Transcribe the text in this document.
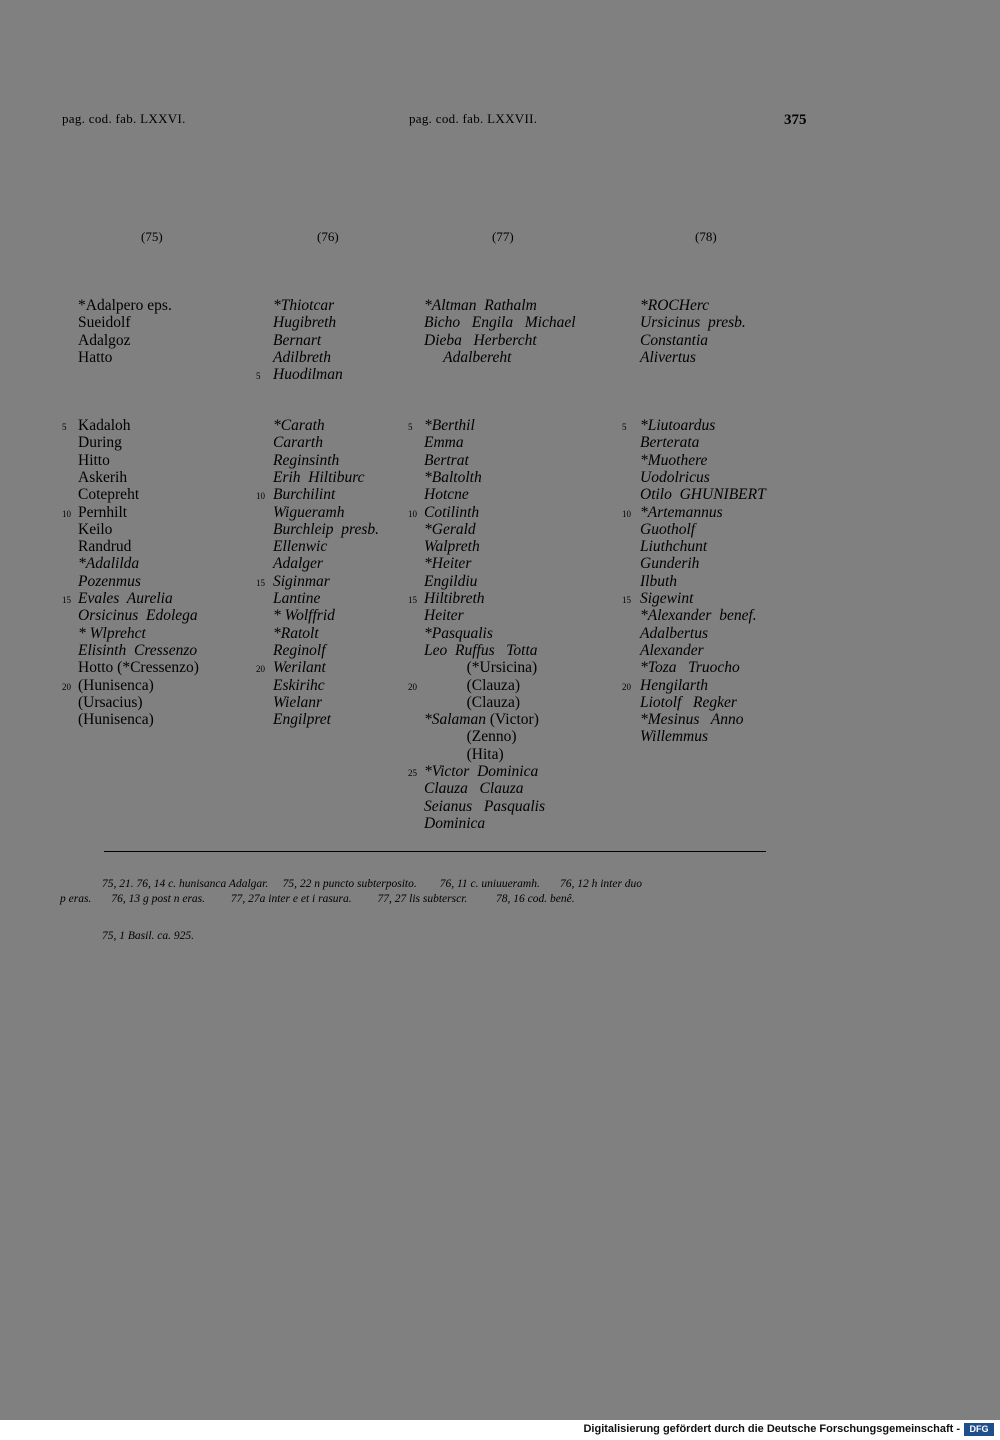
pag. cod. fab. LXXVI.	pag. cod. fab. LXXVII.	375
(75)	(76)	(77)	(78)
*Adalpero eps.
Sueidolf
Adalgoz
Hatto
Kadaloh
5
During
Hitto
Askerih
Cotepreht
Pernhilt
10
Keilo
Randrud
*Adalilda
Pozenmus
Evales  Aurelia
15
Orsicinus  Edolega
* Wlprehct
Elisinth  Cressenzo
Hotto (*Cressenzo)
(Hunisenca)
20
(Ursacius)
(Hunisenca)
*Thiotcar
Hugibreth
Bernart
Adilbreth
Huodilman
5
*Carath
Cararth
Reginsinth
Erih  Hiltiburc
Burchilint
10
Wigueramh
Burchleip  presb.
Ellenwic
Adalger
Siginmar
15
Lantine
* Wolffrid
*Ratolt
Reginolf
Werilant
20
Eskirihc
Wielanr
Engilpret
*Altman  Rathalm
Bicho   Engila   Michael
Dieba   Herbercht
Adalbereht
*Berthil
5
Emma
Bertrat
*Baltolth
Hotcne
Cotilinth
10
*Gerald
Walpreth
*Heiter
Engildiu
Hiltibreth
15
Heiter
*Pasqualis
Leo  Ruffus   Totta
(*Ursicina)
(Clauza)
20
(Clauza)
*Salaman (Victor)
(Zenno)
(Hita)
*Victor  Dominica
25
Clauza   Clauza
Seianus   Pasqualis
Dominica
*ROCHerc
Ursicinus  presb.
Constantia
Alivertus
*Liutoardus
5
Berterata
*Muothere
Uodolricus
Otilo  GHUNIBERT
*Artemannus
10
Guotholf
Liuthchunt
Gunderih
Ilbuth
Sigewint
15
*Alexander  benef.
Adalbertus
Alexander
*Toza   Truocho
Hengilarth
20
Liotolf   Regker
*Mesinus   Anno
Willemmus
75, 21. 76, 14 c. hunisanca Adalgar.     75, 22 n puncto subterposito.        76, 11 c. uniuueramh.       76, 12 h inter duo
p eras.       76, 13 g post n eras.         77, 27a inter e et i rasura.         77, 27 lis subterscr.          78, 16 cod. benê.
75, 1 Basil. ca. 925.
Digitalisierung gefördert durch die Deutsche Forschungsgemeinschaft -	DFG
